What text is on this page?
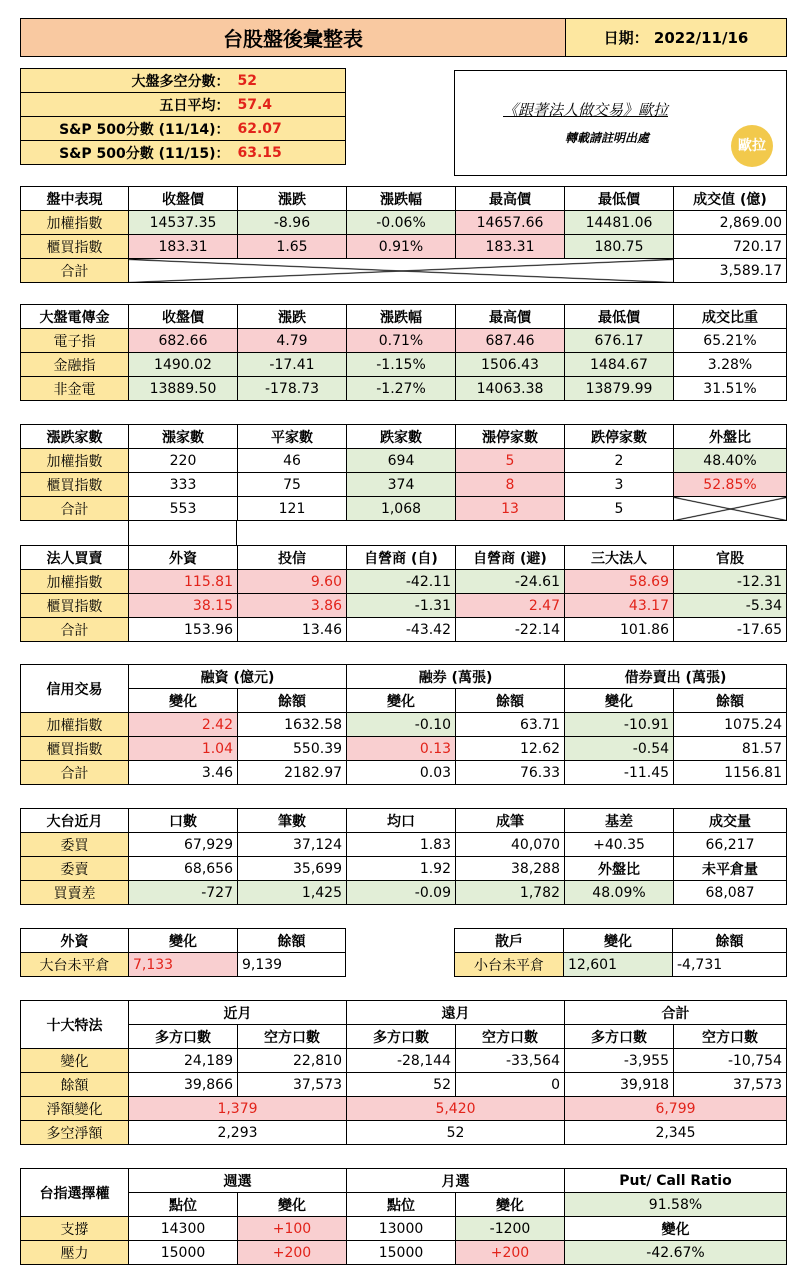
台股盤後彙整表	日期： 2022/11/16
大盤多空分數：	52
五日平均：	57.4
S&P 500分數 (11/14)：	62.07
S&P 500分數 (11/15)：	63.15
《跟著法人做交易》歐拉
轉載請註明出處	歐拉
盤中表現	收盤價	漲跌	漲跌幅	最高價	最低價	成交值 (億)
加權指數	14537.35	-8.96	-0.06%	14657.66	14481.06	2,869.00
櫃買指數	183.31	1.65	0.91%	183.31	180.75	720.17
合計						3,589.17
大盤電傳金	收盤價	漲跌	漲跌幅	最高價	最低價	成交比重
電子指	682.66	4.79	0.71%	687.46	676.17	65.21%
金融指	1490.02	-17.41	-1.15%	1506.43	1484.67	3.28%
非金電	13889.50	-178.73	-1.27%	14063.38	13879.99	31.51%
漲跌家數	漲家數	平家數	跌家數	漲停家數	跌停家數	外盤比
加權指數	220	46	694	5	2	48.40%
櫃買指數	333	75	374	8	3	52.85%
合計	553	121	1,068	13	5	
法人買賣	外資	投信	自營商 (自)	自營商 (避)	三大法人	官股
加權指數	115.81	9.60	-42.11	-24.61	58.69	-12.31
櫃買指數	38.15	3.86	-1.31	2.47	43.17	-5.34
合計	153.96	13.46	-43.42	-22.14	101.86	-17.65
信用交易	融資 (億元)		融券 (萬張)		借券賣出 (萬張)	
	變化	餘額	變化	餘額	變化	餘額
加權指數	2.42	1632.58	-0.10	63.71	-10.91	1075.24
櫃買指數	1.04	550.39	0.13	12.62	-0.54	81.57
合計	3.46	2182.97	0.03	76.33	-11.45	1156.81
大台近月	口數	筆數	均口	成筆	基差	成交量
委買	67,929	37,124	1.83	40,070	+40.35	66,217
委賣	68,656	35,699	1.92	38,288	外盤比	未平倉量
買賣差	-727	1,425	-0.09	1,782	48.09%	68,087
外資	變化	餘額
大台未平倉	7,133	9,139
散戶	變化	餘額
小台未平倉	12,601	-4,731
十大特法	近月		遠月		合計	
	多方口數	空方口數	多方口數	空方口數	多方口數	空方口數
變化	24,189	22,810	-28,144	-33,564	-3,955	-10,754
餘額	39,866	37,573	52	0	39,918	37,573
淨額變化	1,379		5,420		6,799	
多空淨額	2,293		52		2,345	
台指選擇權	週選		月選		Put/ Call Ratio
	點位	變化	點位	變化	91.58%
支撐	14300	+100	13000	-1200	變化
壓力	15000	+200	15000	+200	-42.67%
